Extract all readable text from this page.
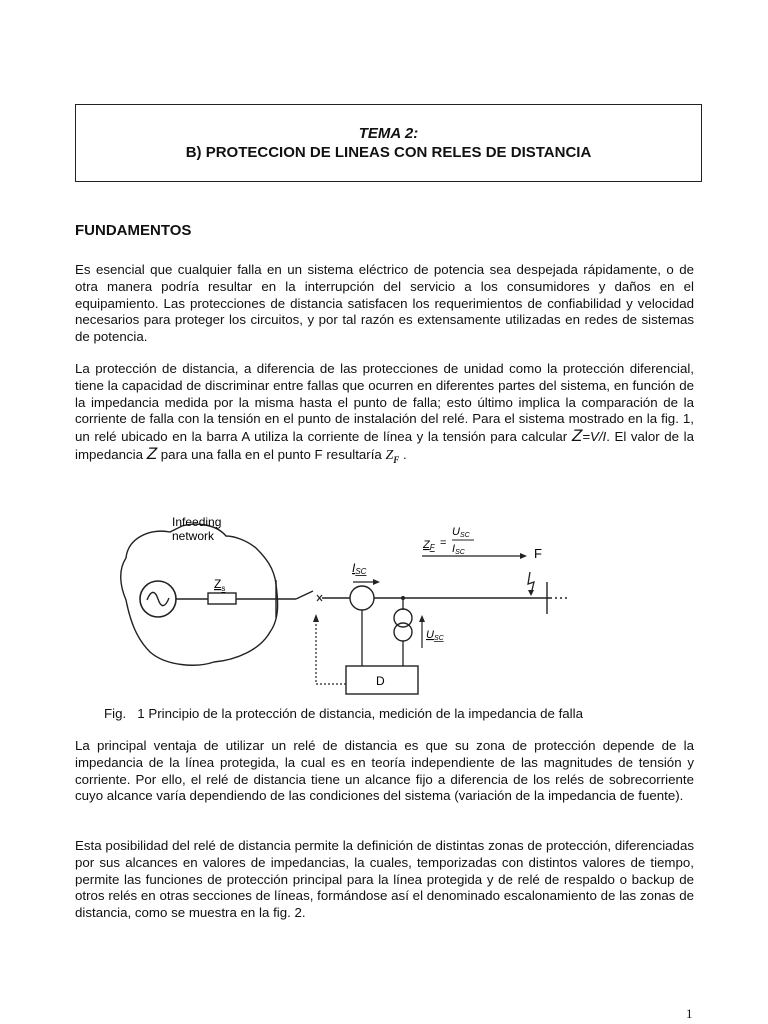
TEMA 2:
B) PROTECCION DE LINEAS CON RELES DE DISTANCIA
FUNDAMENTOS

Es esencial que cualquier falla en un sistema eléctrico de potencia sea despejada rápidamente, o de otra manera podría resultar en la interrupción del servicio a los consumidores y daños en el equipamiento. Las protecciones de distancia satisfacen los requerimientos de confiabilidad y velocidad necesarios para proteger los circuitos, y por tal razón es extensamente utilizadas en redes de sistemas de potencia.

La protección de distancia, a diferencia de las protecciones de unidad como la protección diferencial, tiene la capacidad de discriminar entre fallas que ocurren en diferentes partes del sistema, en función de la impedancia medida por la misma hasta el punto de falla; esto último implica la comparación de la corriente de falla con la tensión en el punto de instalación del relé. Para el sistema mostrado en la fig. 1, un relé ubicado en la barra A utiliza la corriente de línea y la tensión para calcular Z=V/I. El valor de la impedancia Z para una falla en el punto F resultaría $Z_F$ .

Infeeding
network
$Z_s$
ISC
ZF =
USC
ISC	F
USC
D
Fig.   1 Principio de la protección de distancia, medición de la impedancia de falla

La principal ventaja de utilizar un relé de distancia es que su zona de protección depende de la impedancia de la línea protegida, la cual es en teoría independiente de las magnitudes de tensión y corriente. Por ello, el relé de distancia tiene un alcance fijo a diferencia de los relés de sobrecorriente cuyo alcance varía dependiendo de las condiciones del sistema (variación de la impedancia de fuente).

Esta posibilidad del relé de distancia permite la definición de distintas zonas de protección, diferenciadas por sus alcances en valores de impedancias, la cuales, temporizadas con distintos valores de tiempo, permite las funciones de protección principal para la línea protegida y de relé de respaldo o backup de otros relés en otras secciones de líneas, formándose así el denominado escalonamiento de las zonas de distancia, como se muestra en la fig. 2.

1
